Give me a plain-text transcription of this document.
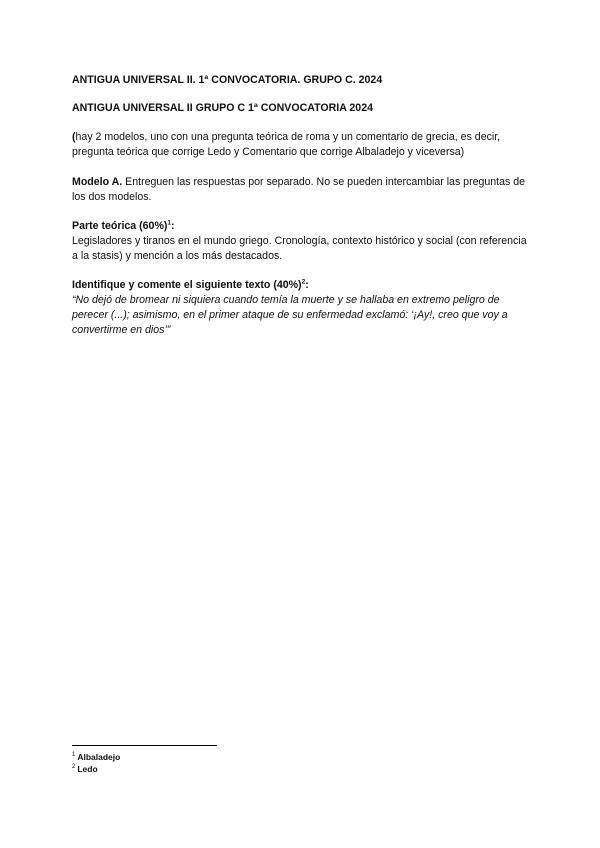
ANTIGUA UNIVERSAL II. 1ª CONVOCATORIA. GRUPO C. 2024
ANTIGUA UNIVERSAL II GRUPO C 1ª CONVOCATORIA 2024
(hay 2 modelos, uno con una pregunta teórica de roma y un comentario de grecia, es decir, pregunta teórica que corrige Ledo y Comentario que corrige Albaladejo y viceversa)
Modelo A. Entreguen las respuestas por separado. No se pueden intercambiar las preguntas de los dos modelos.
Parte teórica $(60\%)^1$:
Legisladores y tiranos en el mundo griego. Cronología, contexto histórico y social (con referencia a la stasis) y mención a los más destacados.
Identifique y comente el siguiente texto $(40\%)^2$:
“No dejó de bromear ni siquiera cuando temía la muerte y se hallaba en extremo peligro de perecer (...); asimismo, en el primer ataque de su enfermedad exclamó: ‘¡Ay!, creo que voy a convertirme en dios’”
$^1$ Albaladejo
$^2$ Ledo
